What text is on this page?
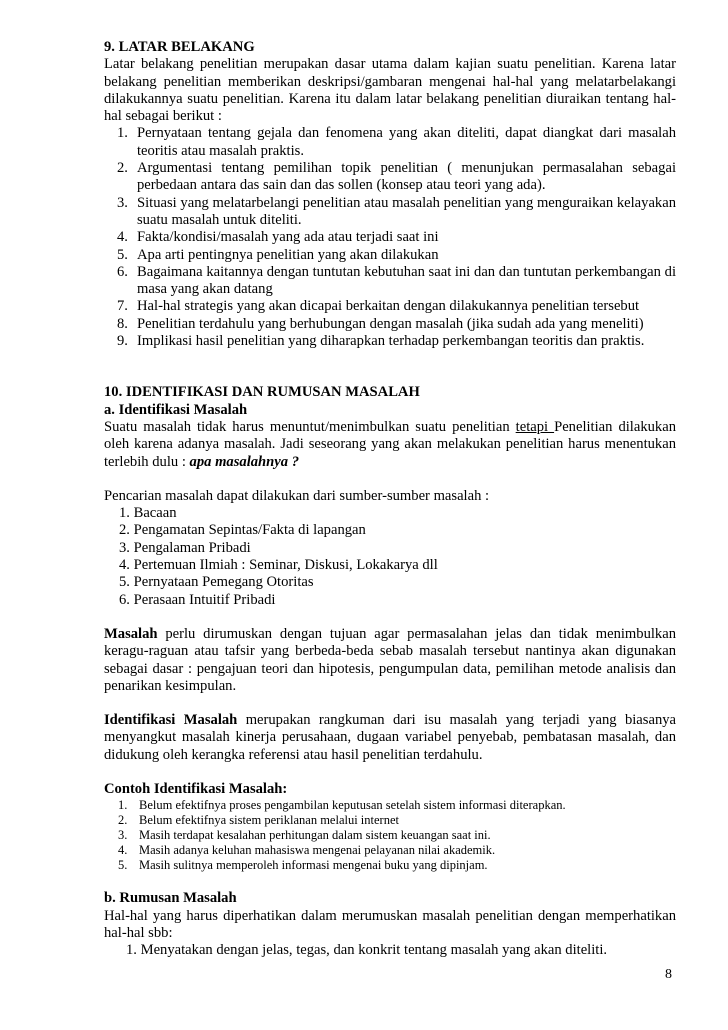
9. LATAR BELAKANG

Latar belakang penelitian merupakan dasar utama dalam kajian suatu penelitian. Karena latar belakang penelitian memberikan deskripsi/gambaran mengenai hal-hal yang melatarbelakangi dilakukannya suatu penelitian. Karena itu dalam latar belakang penelitian diuraikan tentang hal-hal sebagai berikut :

1. Pernyataan tentang gejala dan fenomena yang akan diteliti, dapat diangkat dari masalah teoritis atau masalah praktis.
2. Argumentasi tentang pemilihan topik penelitian ( menunjukan permasalahan sebagai perbedaan antara das sain dan das sollen (konsep atau teori yang ada).
3. Situasi yang melatarbelangi penelitian atau masalah penelitian yang menguraikan kelayakan suatu masalah untuk diteliti.
4. Fakta/kondisi/masalah yang ada atau terjadi saat ini
5. Apa arti pentingnya penelitian yang akan dilakukan
6. Bagaimana kaitannya dengan tuntutan kebutuhan saat ini dan dan tuntutan perkembangan di masa yang akan datang
7. Hal-hal strategis yang akan dicapai berkaitan dengan dilakukannya penelitian tersebut
8. Penelitian terdahulu yang berhubungan dengan masalah (jika sudah ada yang meneliti)
9. Implikasi hasil penelitian yang diharapkan terhadap perkembangan teoritis dan praktis.

10. IDENTIFIKASI DAN RUMUSAN MASALAH

a. Identifikasi Masalah

Suatu masalah tidak harus menuntut/menimbulkan suatu penelitian tetapi Penelitian dilakukan oleh karena adanya masalah. Jadi seseorang yang akan melakukan penelitian harus menentukan terlebih dulu : apa masalahnya ?

Pencarian masalah dapat dilakukan dari sumber-sumber masalah :

1. Bacaan
2. Pengamatan Sepintas/Fakta di lapangan
3. Pengalaman Pribadi
4. Pertemuan Ilmiah : Seminar, Diskusi, Lokakarya dll
5. Pernyataan Pemegang Otoritas
6. Perasaan Intuitif Pribadi

Masalah perlu dirumuskan dengan tujuan agar permasalahan jelas dan tidak menimbulkan keragu-raguan atau tafsir yang berbeda-beda sebab masalah tersebut nantinya akan digunakan sebagai dasar : pengajuan teori dan hipotesis, pengumpulan data, pemilihan metode analisis dan penarikan kesimpulan.

Identifikasi Masalah merupakan rangkuman dari isu masalah yang terjadi yang biasanya menyangkut masalah kinerja perusahaan, dugaan variabel penyebab, pembatasan masalah, dan didukung oleh kerangka referensi atau hasil penelitian terdahulu.

Contoh Identifikasi Masalah:

1. Belum efektifnya proses pengambilan keputusan setelah sistem informasi diterapkan.
2. Belum efektifnya sistem periklanan melalui internet
3. Masih terdapat kesalahan perhitungan dalam sistem keuangan saat ini.
4. Masih adanya keluhan mahasiswa mengenai pelayanan nilai akademik.
5. Masih sulitnya memperoleh informasi mengenai buku yang dipinjam.

b. Rumusan Masalah

Hal-hal yang harus diperhatikan dalam merumuskan masalah penelitian dengan memperhatikan hal-hal sbb:

1. Menyatakan dengan jelas, tegas, dan konkrit tentang masalah yang akan diteliti.
8
